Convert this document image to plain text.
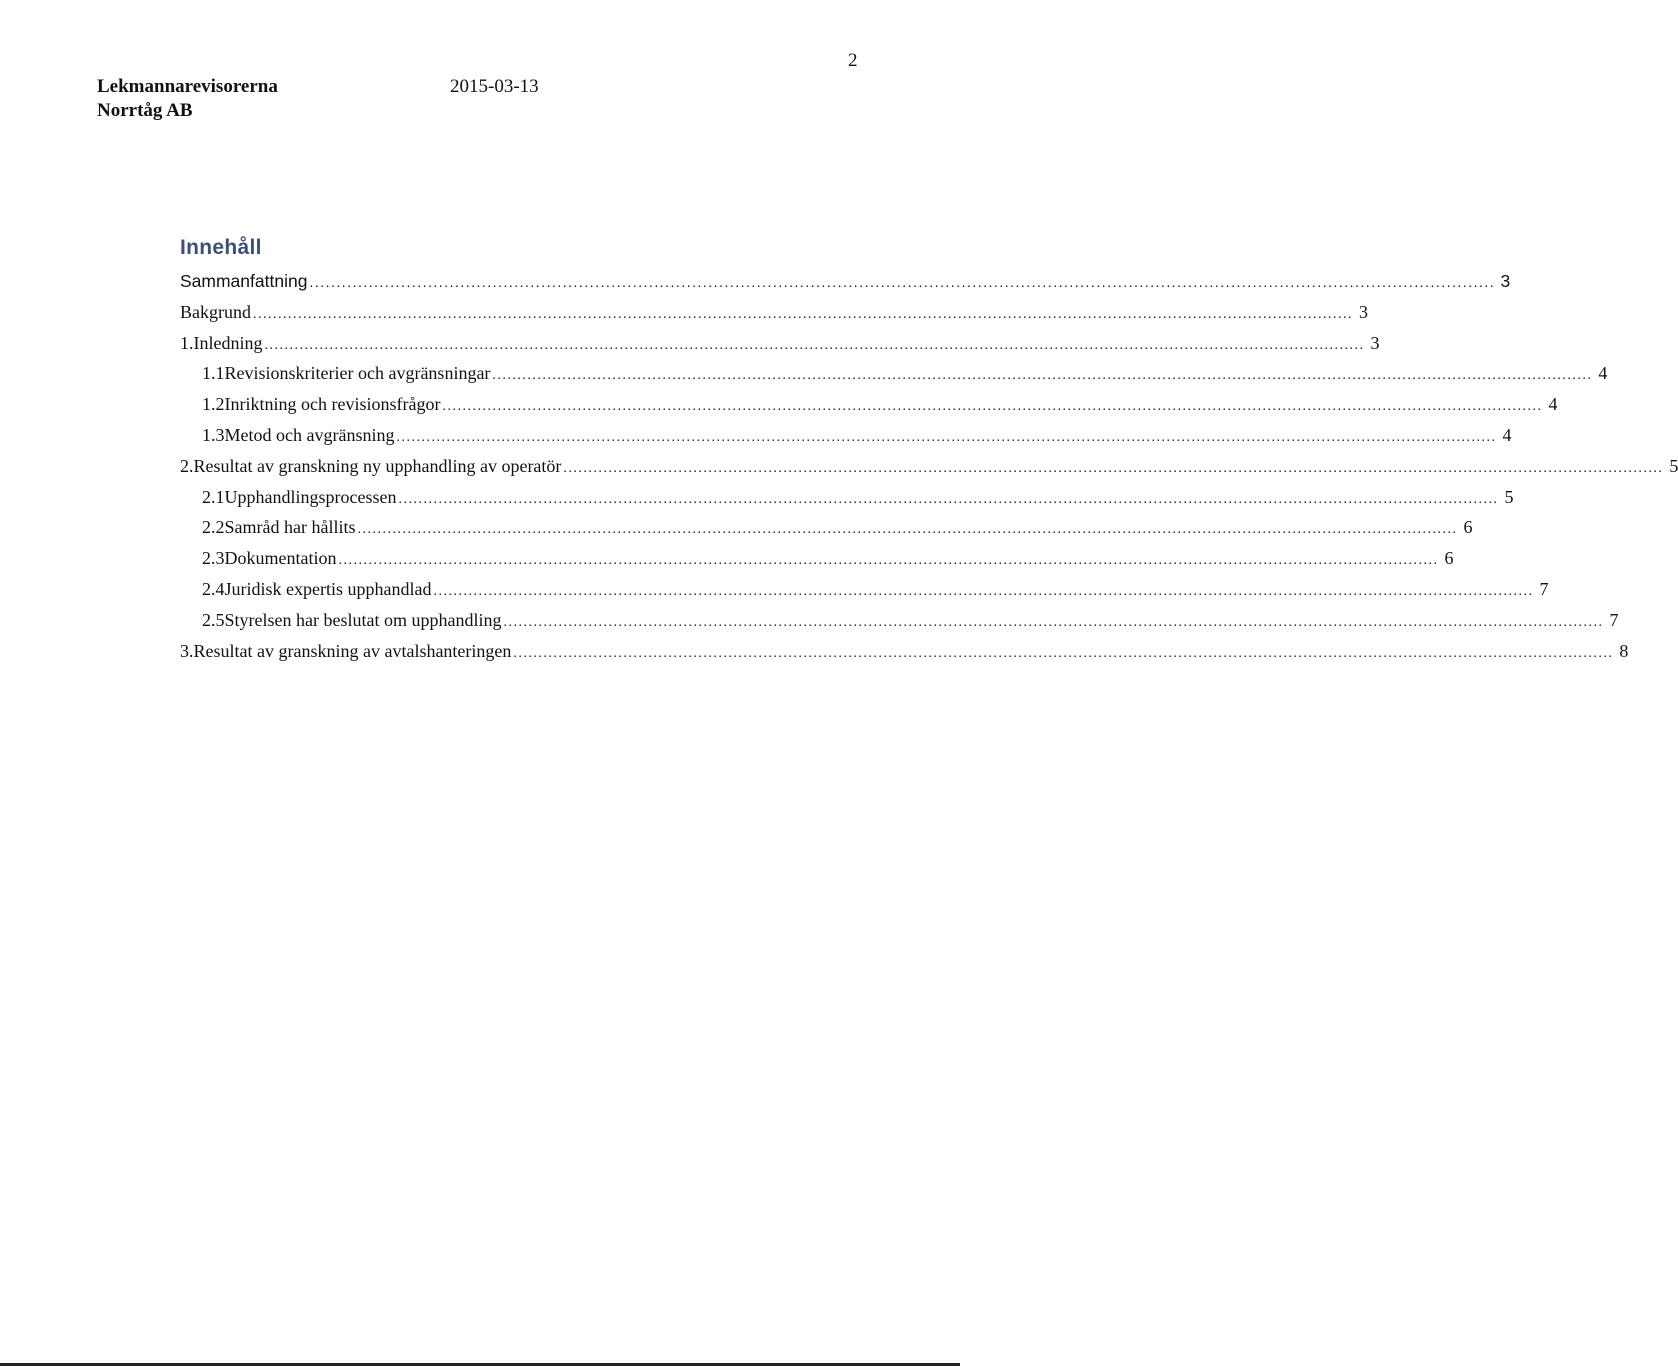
2
Lekmannarevisorerna
Norrtåg AB
2015-03-13
Innehåll
Sammanfattning ............................................................................................................................................................................................................................ 3
Bakgrund ............................................................................................................................................................................................................................ 3
1. Inledning ............................................................................................................................................................................................................................ 3
1.1 Revisionskriterier och avgränsningar ............................................................................................................................................................................................................................ 4
1.2 Inriktning och revisionsfrågor ............................................................................................................................................................................................................................ 4
1.3 Metod och avgränsning ............................................................................................................................................................................................................................ 4
2. Resultat av granskning ny upphandling av operatör ............................................................................................................................................................................................................................ 5
2.1 Upphandlingsprocessen ............................................................................................................................................................................................................................ 5
2.2 Samråd har hållits ............................................................................................................................................................................................................................ 6
2.3 Dokumentation ............................................................................................................................................................................................................................ 6
2.4 Juridisk expertis upphandlad ............................................................................................................................................................................................................................ 7
2.5 Styrelsen har beslutat om upphandling ............................................................................................................................................................................................................................ 7
3. Resultat av granskning av avtalshanteringen ............................................................................................................................................................................................................................ 8
